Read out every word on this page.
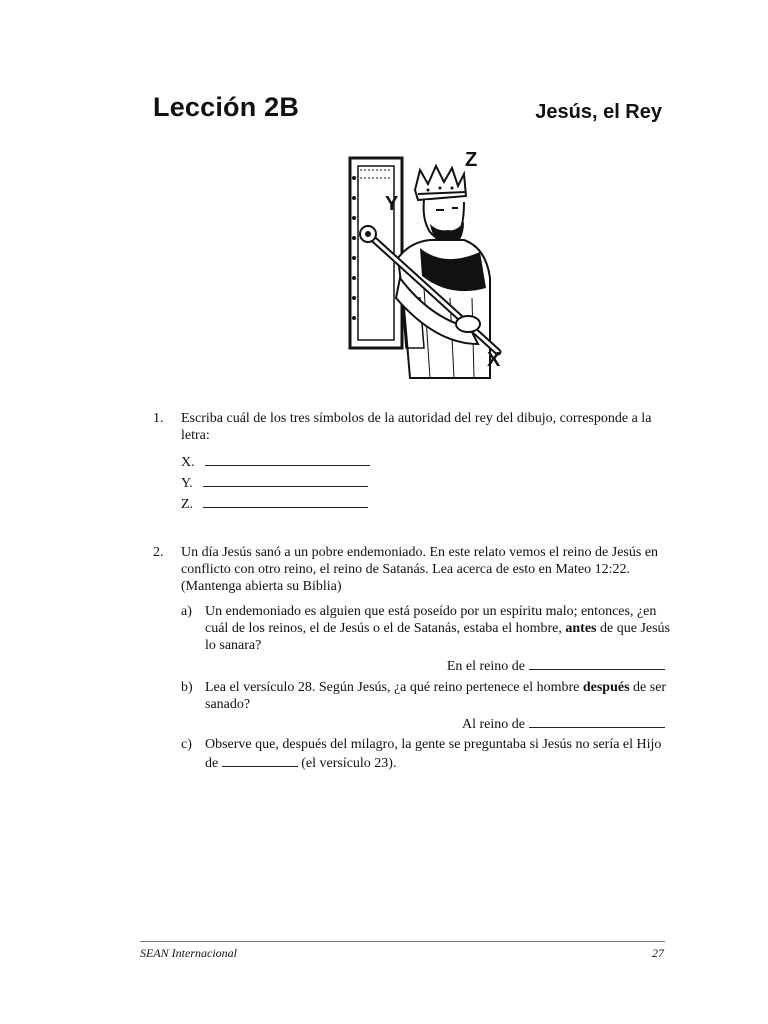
Lección 2B	Jesús, el Rey
Z
Y
X
1. Escriba cuál de los tres símbolos de la autoridad del rey del dibujo, corresponde a la letra:
X.
Y.
Z.
2. Un día Jesús sanó a un pobre endemoniado. En este relato vemos el reino de Jesús en conflicto con otro reino, el reino de Satanás. Lea acerca de esto en Mateo 12:22. (Mantenga abierta su Biblia)
a) Un endemoniado es alguien que está poseído por un espíritu malo; entonces, ¿en cuál de los reinos, el de Jesús o el de Satanás, estaba el hombre, antes de que Jesús lo sanara?
En el reino de
b) Lea el versículo 28. Según Jesús, ¿a qué reino pertenece el hombre después de ser sanado?
Al reino de
c) Observe que, después del milagro, la gente se preguntaba si Jesús no sería el Hijo de	(el versículo 23).
SEAN Internacional	27
